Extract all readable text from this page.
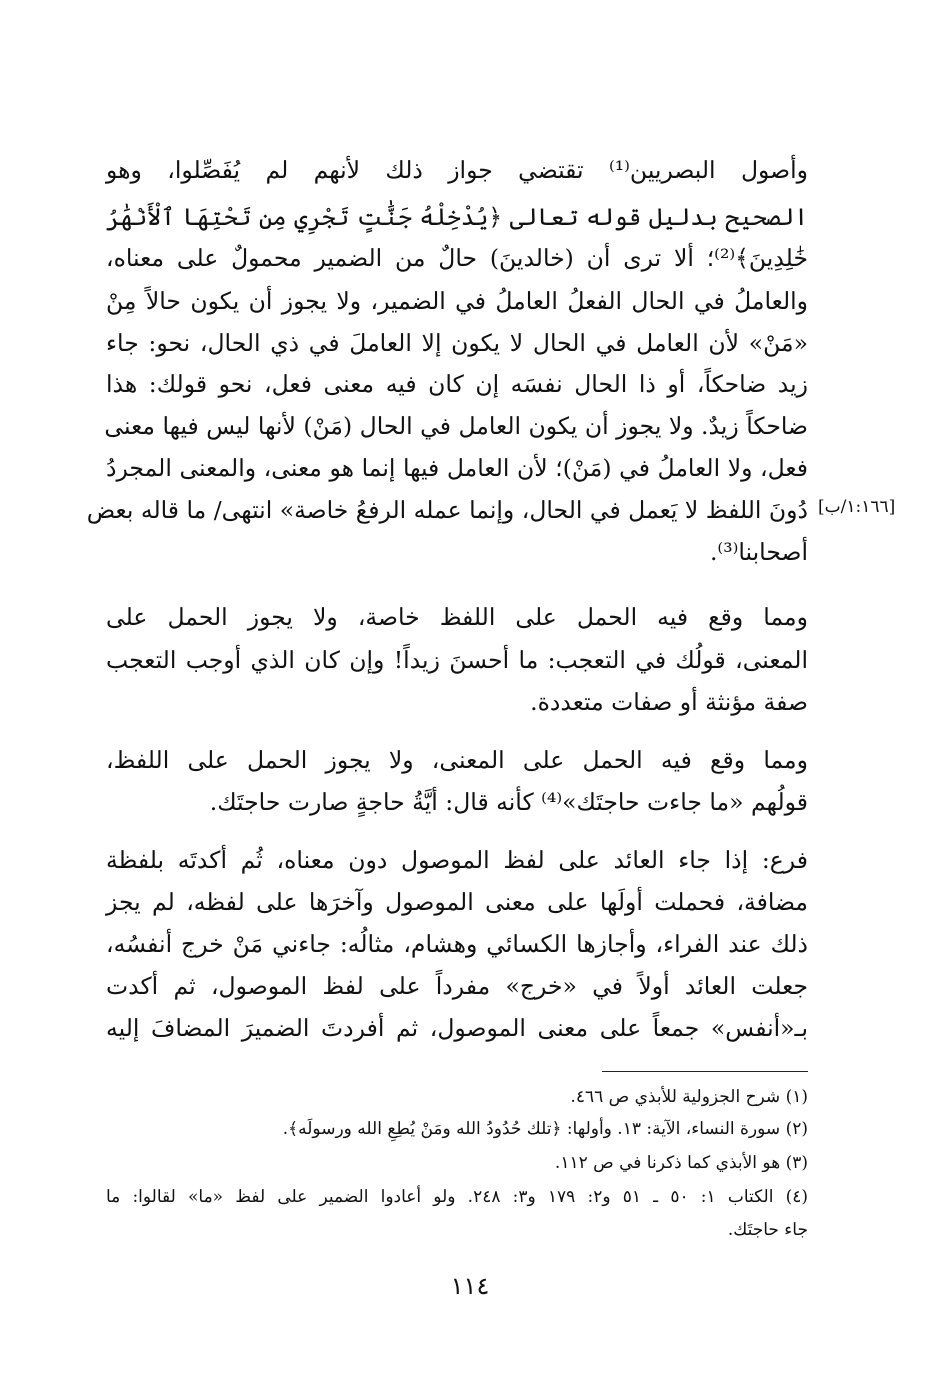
وأصول البصريين⁽¹⁾ تقتضي جواز ذلك لأنهم لم يُفَصِّلوا، وهو
الصحيح بدليل قوله تعالى ﴿يُدْخِلْهُ جَنَّٰتٍ تَجْرِي مِن تَحْتِهَا ٱلْأَنْهَٰرُ
خَٰلِدِينَ﴾⁽²⁾؛ ألا ترى أن (خالدينَ) حالٌ من الضمير محمولٌ على معناه،
والعاملُ في الحال الفعلُ العاملُ في الضمير، ولا يجوز أن يكون حالاً مِنْ
«مَنْ» لأن العامل في الحال لا يكون إلا العاملَ في ذي الحال، نحو: جاء
زيد ضاحكاً، أو ذا الحال نفسَه إن كان فيه معنى فعل، نحو قولك: هذا
ضاحكاً زيدٌ. ولا يجوز أن يكون العامل في الحال (مَنْ) لأنها ليس فيها معنى
فعل، ولا العاملُ في (مَنْ)؛ لأن العامل فيها إنما هو معنى، والمعنى المجردُ
دُونَ اللفظ لا يَعمل في الحال، وإنما عمله الرفعُ خاصة» انتهى/ ما قاله بعض
أصحابنا⁽³⁾.
ومما وقع فيه الحمل على اللفظ خاصة، ولا يجوز الحمل على
المعنى، قولُك في التعجب: ما أحسنَ زيداً! وإن كان الذي أوجب التعجب
صفة مؤنثة أو صفات متعددة.
ومما وقع فيه الحمل على المعنى، ولا يجوز الحمل على اللفظ،
قولُهم «ما جاءت حاجتَك»⁽⁴⁾ كأنه قال: أيَّةُ حاجةٍ صارت حاجتَك.
فرع: إذا جاء العائد على لفظ الموصول دون معناه، ثُم أكدتَه بلفظة
مضافة، فحملت أولَها على معنى الموصول وآخرَها على لفظه، لم يجز
ذلك عند الفراء، وأجازها الكسائي وهشام، مثالُه: جاءني مَنْ خرج أنفسُه،
جعلت العائد أولاً في «خرج» مفرداً على لفظ الموصول، ثم أكدت
بـ«أنفس» جمعاً على معنى الموصول، ثم أفردتَ الضميرَ المضافَ إليه
[١:١٦٦/ب]
(١) شرح الجزولية للأبذي ص ٤٦٦.
(٢) سورة النساء، الآية: ١٣. وأولها: ﴿تلك حُدُودُ الله ومَنْ يُطِعِ الله ورسولَه﴾.
(٣) هو الأبذي كما ذكرنا في ص ١١٢.
(٤) الكتاب ١: ٥٠ ـ ٥١ و٢: ١٧٩ و٣: ٢٤٨. ولو أعادوا الضمير على لفظ «ما» لقالوا: ما
جاء حاجتَك.
١١٤
